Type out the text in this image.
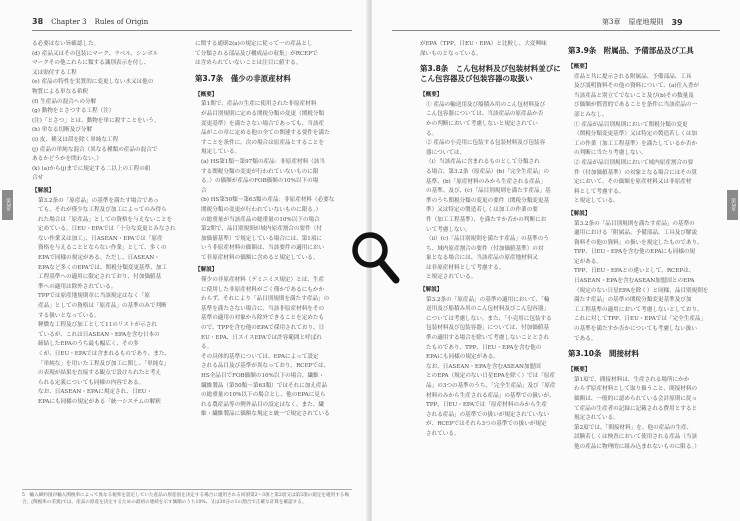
38 Chapter 3 Rules of Origin

る必要はない旨確認した。

(d) 産品又はその包装にマーク、ラベル、シンボル

マークその他これらに類する識別表示を付し、

又は貼付する工程

(e) 産品の特性を実質的に変更しない水又は他の

物質による単なる希釈

(f) 生産品の混合への分解

(g) 動物をとさつする工程（注）

(注)「とさつ」とは、動物を単に殺すことをいう。

(h) 単なる切断及び分解

(i) 皮、種又は殻を除く単純な工程

(j) 産品の単純な混合（異なる種類の産品の混合で

あるかどうかを問わない。）

(k) (a)から(j)までに規定する二以上の工程の組

合せ

【解説】

第3.2条の「原産品」の基準を満たす場合であっ

ても、それが僅少な工程及び加工によってのみ得ら

れた場合は「原産品」としての資格を与えないことを

定めている。日EU・EPAでは「十分な変更とみなされ

ない作業又は加工」、日ASEAN・EPAでは「原産

資格を与えることとならない作業」として、多くの

EPAで同様の規定がある。ただし、日ASEAN・

EPAなど多くのEPAでは、関税分類変更基準、加工

工程基準への適用に限定されており、付加価値基

準への適用は除外されている。

TPPでは原産地規則章に当該規定はなく「原

産品」としての資格は「原産品」の基準のみで判断

する扱いとなっている。

軽微な工程及び加工として11のリストが示され

ているが、これは日ASEAN・EPAを含む日本の

締結したEPAのうち最も幅広く、その多

くが、日EU・EPAでは含まれるものであり、また、

「単純な」を用いた工程及び加工に関し、「単純な」

の表現が結果を直接する観点で設けられたと考え

られる定義についても同様の内容である。

なお、日ASEAN・EPAに規定され、日EU・

EPAにも同様の規定がある「統一システムの解釈

に関する通則2(a)の規定に従って一の産品とし

て分類される部品及び構成品の収集」がRCEPで

は含められていないことは注目に値する。

第3.7条　僅少の非原産材料
【概要】

第1期で、産品の生産に使用された非原産材料

が品目別規則に定める関税分類の変更（関税分類

変更基準）を満たさない場合であっても、当該産

品がこの章に定める他の全ての関連する要件を満た

すことを条件に、次の場合は原産品とすることを

規定している。

(a) HS第1類〜第97類の産品：非原産材料（該当

する関税分類の変更が行われていないものに限

る。）の価額が産品のFOB価額の10%以下の場

合

(b) HS第50類〜第63類の産品：非原産材料（必要な

関税分類の変更が行われていないものに限る。）

の総重量が当該産品の総重量の10%以下の場合

第2期で、品目別規則が域内原産割合の要件（付

加価値基準）で規定している場合には、第1項に

いう非原産材料の価額は、当該要件の適用におい

て非原産材料の価額に含めると規定している。

【解説】

僅少の非原産材料（デミニミス規定）とは、生産

に使用した非原産材料がごく僅かであるにもかか

わらず、それにより「品目別規則を満たす産品」の

基準を満たさない場合に、当該非原産材料をその

基準の適用の対象から除外できることを定めたも

ので、TPPを含む他のEPAで採用されており、日

EU・EPA、日スイスEPAでは許容範囲と呼ばれ

る。

その具体的基準については、EPAによって設定

される品目及び基準が異なっており、RCEPでは、

HS全品目でFOB価額の10%以下の場合、繊維・

繊維製品（第50類〜第63類）ではそれに加え産品

の総重量の10%以下の場合とし、他のEPAに見ら

れる農産品等の例外品目の設定はなく、また、繊

維・繊維製品に価額な規定と統一で規定されている

5　輸入締約国が輸入関税率によって異なる税率を設定していた産品の原産国を決定する場合に適用される同項第2〜3項と第2項又は第3項の規定を適用する場合、(関税率の差異)では、産品の原産を決定するための最初の連続を示す価額のうち10%、又は30分の1の割合で正確な計算を確認する。
第3章
第3章 原産地規則 39

がEPA（TPP、日EU・EPA）と比較し、大変興味

深いものとなっている。

第3.8条　こん包材料及び包装材料並びに
こん包容器及び包装容器の取扱い
【概要】

① 産品の輸送用及び船積み用のこん包材料及び

こん包容器については、当該産品の原産品か否

かの判断において考慮しないと規定されてい

る。

② 産品の小売用に包装する包装材料及び包装容

器については、

（ⅰ）当該産品に含まれるものとして分類され

る場合、第3.2条（原産品）(b)「完全生産品」の

基準、(b)「原産材料のみから生産される産品」

の基準、及び、(c)「品目別規則を満たす産品」基

準のうち関税分類の変更の要件（関税分類変更基

準）又は特定の製造若しくは加工の作業の要

件（加工工程基準）、を満たすか否かの判断にお

いて考慮しない。

（ⅱ）(c)「品目別規則を満たす産品」の基準のう

ち、域内原産割合の要件（付加価値基準）の対

象となる場合には、当該産品の原産地材料又

は非原産材料として考慮する。

と規定されている。

【解説】

第3.2条の「原産品」の基準の適用において、「輸

送用及び船積み用のこん包材料及びこん包容器」

については考慮しない。また、「小売用に包装する

包装材料及び包装容器」については、付加価値基

準の適用する場合を除いて考慮しないこととされ

たものであり、TPP、日EU・EPAを含む他の

EPAにも同様の規定がある。

なお、日ASEAN・EPAを含むASEAN加盟国

とのEPA（規定のない日星EPAを除く）では「原産

品」の3つの基準のうち、「完全生産品」及び「原産

材料のみから生産される産品」の基準での扱いが、

TPP、日EU・EPAでは「原産材料のみから生産

される産品」の基準での扱いが規定されていない

が、RCEPではそれら3つの基準での扱いが規定

されている。

第3.9条　附属品、予備部品及び工具
【概要】

産品と共に提示される附属品、予備部品、工具

及び説明資料その他の資料について、(a)仕入書が

当該産品と別立てでないこと及び(b)その数量及

び価額が慣習的であることを条件に当該産品の一

部とみなし、

① 産品が品目別規則において関税分類の変更

（関税分類変更基準）又は特定の製造若しくは加

工の作業（加工工程基準）を満たしているか否か

の判断に当たり考慮しない、

② 産品が品目別規則において域内原産割合の要

件（付加価値基準）の対象となる場合にはその算

定において、その価額を原産材料又は非原産材

料として考慮する、

と規定している。

【解説】

第3.2条の「品目別規則を満たす産品」の基準の

適用における「附属品、予備部品、工具及び解説

資料その他の資料」の扱いを規定したものであり、

TPP、日EU・EPAを含む他のEPAにも同様の規

定がある。

TPP、日EU・EPAとの違いとして、RCEPは、

日ASEAN・EPAを含むASEAN加盟国とのEPA

（規定のない日星EPAを除く）と同様、品目別規則を

満たす産品」の基準の関税分類変更基準及び加

工工程基準の適用において考慮しないとしており、

これに対してTPP、日EU・EPAでは「完全生産品」

の基準を満たすか否かについても考慮しない扱い

である。

第3.10条　間接材料
【概要】

第1項で、間接材料は、生産される場所にかか

わらず原産材料として取り扱うこと、間接材料の

価額は、一般的に認められている会計原則に従っ

て産品の生産者の記録に記載される費用とすると

規定されている。

第2項では、「間接材料」を、他の産品の生産、

試験若しくは検査において使用される産品（当該

他の産品に物理的に組み込まれないものに限る。）

第3章
